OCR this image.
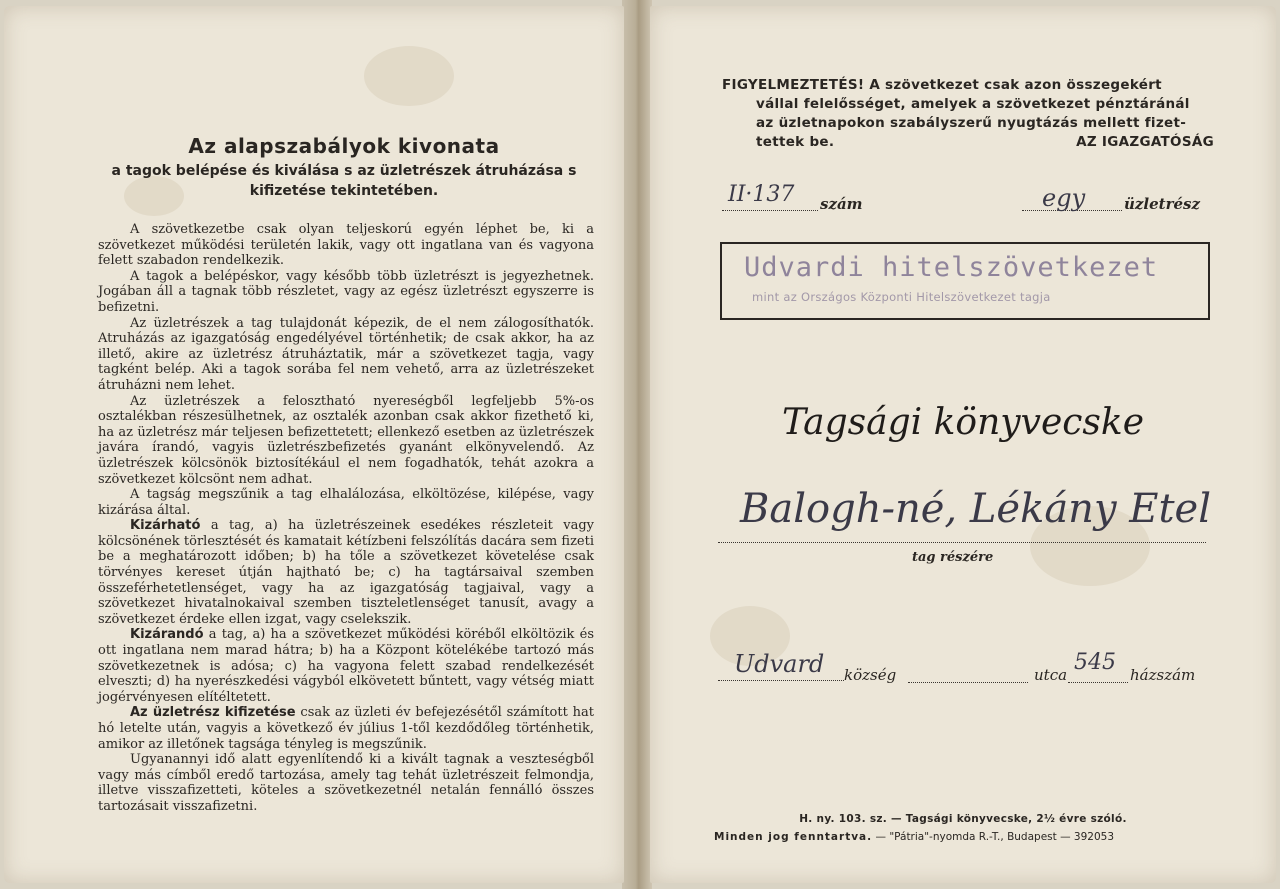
Az alapszabályok kivonata
a tagok belépése és kiválása s az üzletrészek átruházása s kifizetése tekintetében.

A szövetkezetbe csak olyan teljeskorú egyén léphet be, ki a szövetkezet működési területén lakik, vagy ott ingatlana van és vagyona felett szabadon rendelkezik.

A tagok a belépéskor, vagy később több üzletrészt is jegyezhetnek. Jogában áll a tagnak több részletet, vagy az egész üzletrészt egyszerre is befizetni.

Az üzletrészek a tag tulajdonát képezik, de el nem zálogosíthatók. Atruházás az igazgatóság engedélyével történhetik; de csak akkor, ha az illető, akire az üzletrész átruháztatik, már a szövetkezet tagja, vagy tagként belép. Aki a tagok sorába fel nem vehető, arra az üzletrészeket átruházni nem lehet.

Az üzletrészek a felosztható nyereségből legfeljebb 5%-os osztalékban részesülhetnek, az osztalék azonban csak akkor fizethető ki, ha az üzletrész már teljesen befizettetett; ellenkező esetben az üzletrészek javára írandó, vagyis üzletrészbefizetés gyanánt elkönyvelendő. Az üzletrészek kölcsönök biztosítékául el nem fogadhatók, tehát azokra a szövetkezet kölcsönt nem adhat.

A tagság megszűnik a tag elhalálozása, elköltözése, kilépése, vagy kizárása által.

Kizárható a tag, a) ha üzletrészeinek esedékes részleteit vagy kölcsönének törlesztését és kamatait kétízbeni felszólítás dacára sem fizeti be a meghatározott időben; b) ha tőle a szövetkezet követelése csak törvényes kereset útján hajtható be; c) ha tagtársaival szemben összeférhetetlenséget, vagy ha az igazgatóság tagjaival, vagy a szövetkezet hivatalnokaival szemben tiszteletlenséget tanusít, avagy a szövetkezet érdeke ellen izgat, vagy cselekszik.

Kizárandó a tag, a) ha a szövetkezet működési köréből elköltözik és ott ingatlana nem marad hátra; b) ha a Központ kötelékébe tartozó más szövetkezetnek is adósa; c) ha vagyona felett szabad rendelkezését elveszti; d) ha nyerészkedési vágyból elkövetett bűntett, vagy vétség miatt jogérvényesen elítéltetett.

Az üzletrész kifizetése csak az üzleti év befejezésétől számított hat hó letelte után, vagyis a következő év július 1-től kezdődőleg történhetik, amikor az illetőnek tagsága tényleg is megszűnik.

Ugyanannyi idő alatt egyenlítendő ki a kivált tagnak a veszteségből vagy más címből eredő tartozása, amely tag tehát üzletrészeit felmondja, illetve visszafizetteti, köteles a szövetkezetnél netalán fennálló összes tartozásait visszafizetni.

FIGYELMEZTETÉS! A szövetkezet csak azon összegekért
vállal felelősséget, amelyek a szövetkezet pénztáránál
az üzletnapokon szabályszerű nyugtázás mellett fizet-
tettek be.	AZ IGAZGATÓSÁG
II·137 szám	egy	üzletrész
Udvardi hitelszövetkezet
mint az Országos Központi Hitelszövetkezet tagja
Tagsági könyvecske
Balogh-né, Lékány Etel
tag részére
Udvard község	utca 545 házszám
H. ny. 103. sz. — Tagsági könyvecske, 2½ évre szóló.
Minden jog fenntartva. — "Pátria"-nyomda R.-T., Budapest — 392053
